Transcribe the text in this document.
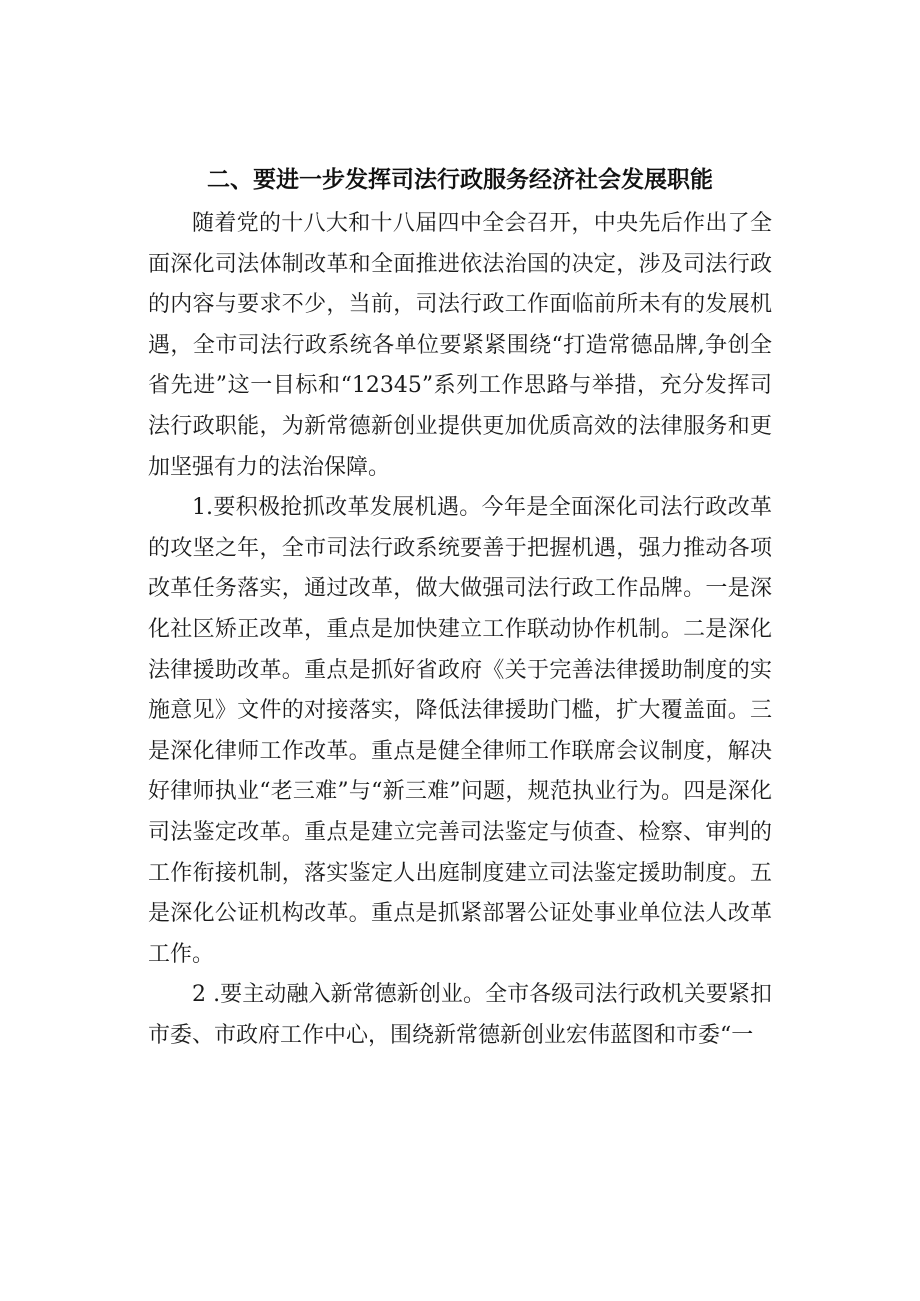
二、要进一步发挥司法行政服务经济社会发展职能

随着党的十八大和十八届四中全会召开，中央先后作出了全面深化司法体制改革和全面推进依法治国的决定，涉及司法行政的内容与要求不少，当前，司法行政工作面临前所未有的发展机遇，全市司法行政系统各单位要紧紧围绕“打造常德品牌,争创全省先进”这一目标和“12345”系列工作思路与举措，充分发挥司法行政职能，为新常德新创业提供更加优质高效的法律服务和更加坚强有力的法治保障。

1.要积极抢抓改革发展机遇。今年是全面深化司法行政改革的攻坚之年，全市司法行政系统要善于把握机遇，强力推动各项改革任务落实，通过改革，做大做强司法行政工作品牌。一是深化社区矫正改革，重点是加快建立工作联动协作机制。二是深化法律援助改革。重点是抓好省政府《关于完善法律援助制度的实施意见》文件的对接落实，降低法律援助门槛，扩大覆盖面。三是深化律师工作改革。重点是健全律师工作联席会议制度，解决好律师执业“老三难”与“新三难”问题，规范执业行为。四是深化司法鉴定改革。重点是建立完善司法鉴定与侦查、检察、审判的工作衔接机制，落实鉴定人出庭制度建立司法鉴定援助制度。五是深化公证机构改革。重点是抓紧部署公证处事业单位法人改革工作。

2 .要主动融入新常德新创业。全市各级司法行政机关要紧扣市委、市政府工作中心，围绕新常德新创业宏伟蓝图和市委“一
